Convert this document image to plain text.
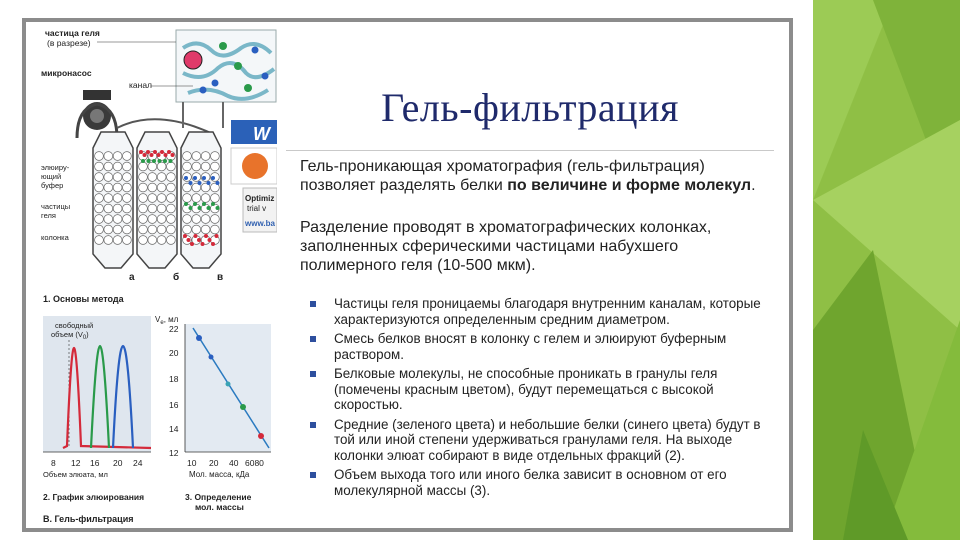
частица геля
(в разрезе)
канал
микронасос
элюиру-
ющий
буфер
частицы
геля
колонка
а	б	в
W
Optimiz
trial v
www.ba
1. Основы метода
свободный
объем $(V_0)$
8 12 16 20 24
Объем элюата, мл
2. График элюирования
$V_e$, мл
22
20
18
16
14
12
10 20 40 6080
Мол. масса, кДа
3. Определение
мол. массы
В. Гель-фильтрация
Гель-фильтрация
Гель-проникающая хроматография (гель-фильтрация) позволяет разделять белки по величине и форме молекул.
Разделение проводят в хроматографических колонках, заполненных сферическими частицами набухшего полимерного геля (10-500 мкм).
Частицы геля проницаемы благодаря внутренним каналам, которые характеризуются определенным средним диаметром.
Смесь белков вносят в колонку с гелем и элюируют буферным раствором.
Белковые молекулы, не способные проникать в гранулы геля (помечены красным цветом), будут перемещаться с высокой скоростью.
Средние (зеленого цвета) и небольшие белки (синего цвета) будут в той или иной степени удерживаться гранулами геля. На выходе колонки элюат собирают в виде отдельных фракций (2).
Объем выхода того или иного белка зависит в основном от его молекулярной массы (3).
